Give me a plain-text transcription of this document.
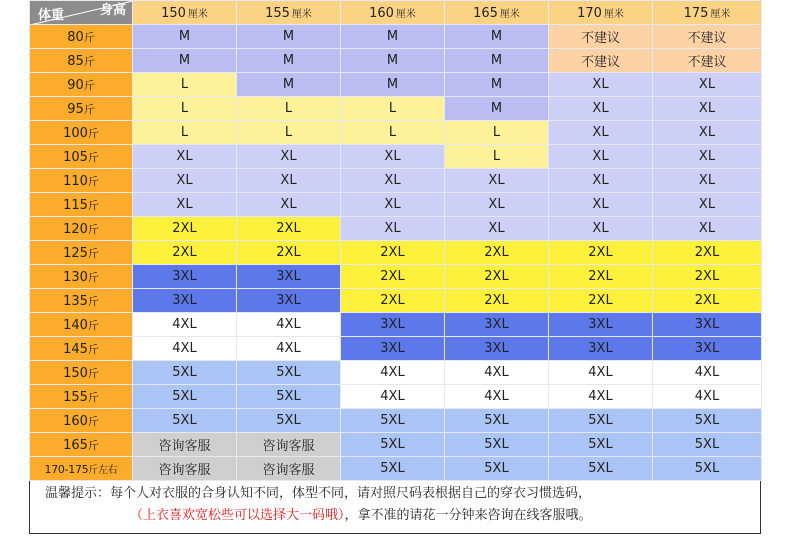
身高
体重	150 厘米	155 厘米	160 厘米	165 厘米	170 厘米	175 厘米
80斤	M	M	M	M	不建议	不建议
85斤	M	M	M	M	不建议	不建议
90斤	L	M	M	M	XL	XL
95斤	L	L	L	M	XL	XL
100斤	L	L	L	L	XL	XL
105斤	XL	XL	XL	L	XL	XL
110斤	XL	XL	XL	XL	XL	XL
115斤	XL	XL	XL	XL	XL	XL
120斤	2XL	2XL	XL	XL	XL	XL
125斤	2XL	2XL	2XL	2XL	2XL	2XL
130斤	3XL	3XL	2XL	2XL	2XL	2XL
135斤	3XL	3XL	2XL	2XL	2XL	2XL
140斤	4XL	4XL	3XL	3XL	3XL	3XL
145斤	4XL	4XL	3XL	3XL	3XL	3XL
150斤	5XL	5XL	4XL	4XL	4XL	4XL
155斤	5XL	5XL	4XL	4XL	4XL	4XL
160斤	5XL	5XL	5XL	5XL	5XL	5XL
165斤	咨询客服	咨询客服	5XL	5XL	5XL	5XL
170-175斤左右	咨询客服	咨询客服	5XL	5XL	5XL	5XL
温馨提示：每个人对衣服的合身认知不同，体型不同，请对照尺码表根据自己的穿衣习惯选码，
（上衣喜欢宽松些可以选择大一码哦），拿不准的请花一分钟来咨询在线客服哦。
